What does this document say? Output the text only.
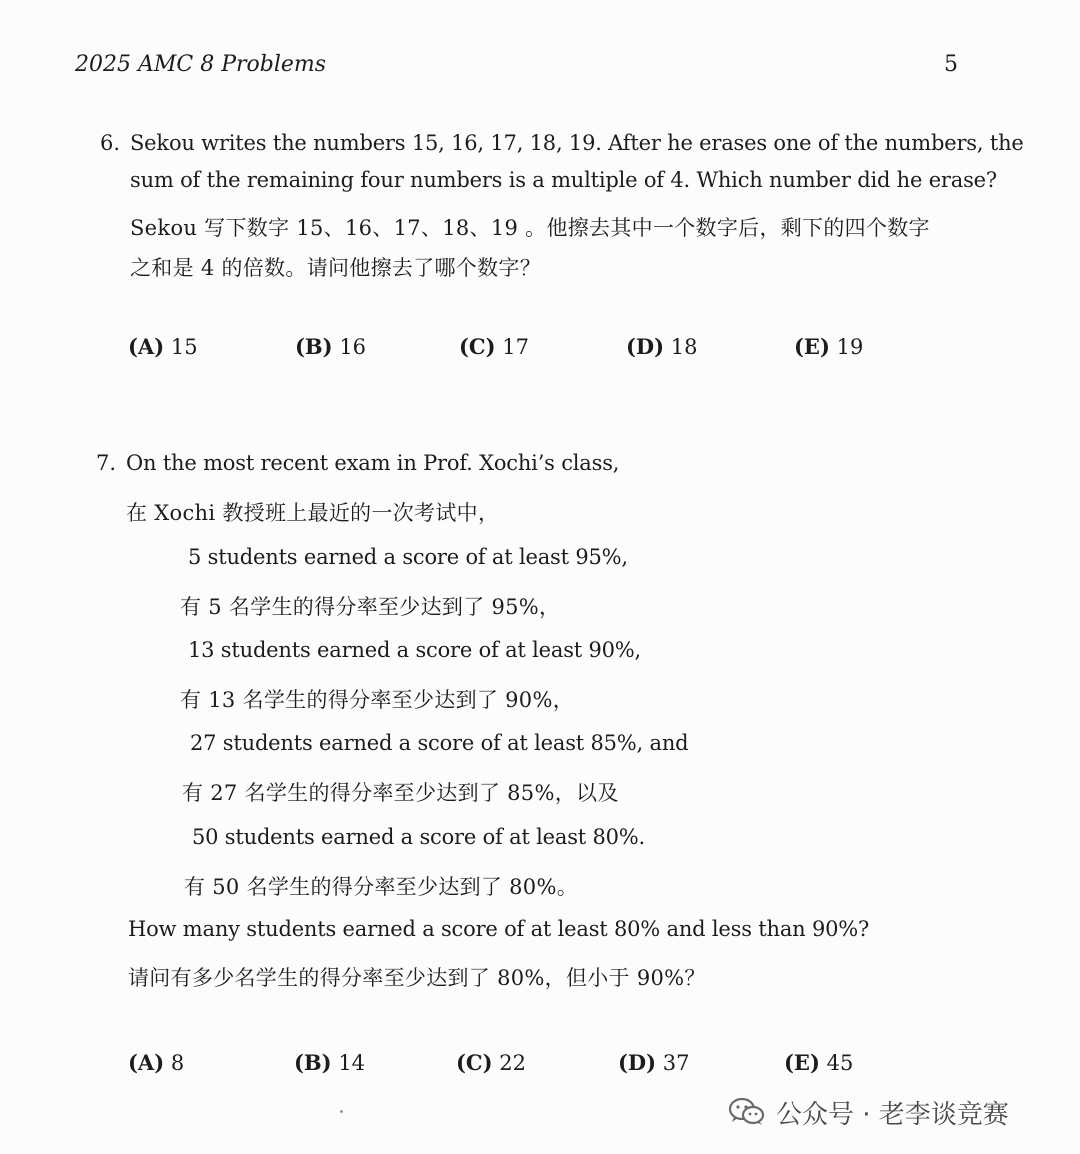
2025 AMC 8 Problems	5
6. Sekou writes the numbers 15, 16, 17, 18, 19. After he erases one of the numbers, the
sum of the remaining four numbers is a multiple of 4. Which number did he erase?
Sekou 写下数字 15、16、17、18、19 。他擦去其中一个数字后，剩下的四个数字
之和是 4 的倍数。请问他擦去了哪个数字？
(A) 15	(B) 16	(C) 17	(D) 18	(E) 19
7. On the most recent exam in Prof. Xochi’s class,
在 Xochi 教授班上最近的一次考试中，
5 students earned a score of at least 95%,
有 5 名学生的得分率至少达到了 95%，
13 students earned a score of at least 90%,
有 13 名学生的得分率至少达到了 90%，
27 students earned a score of at least 85%, and
有 27 名学生的得分率至少达到了 85%，以及
50 students earned a score of at least 80%.
有 50 名学生的得分率至少达到了 80%。
How many students earned a score of at least 80% and less than 90%?
请问有多少名学生的得分率至少达到了 80%，但小于 90%？
(A) 8	(B) 14	(C) 22	(D) 37	(E) 45
公众号 · 老李谈竞赛
